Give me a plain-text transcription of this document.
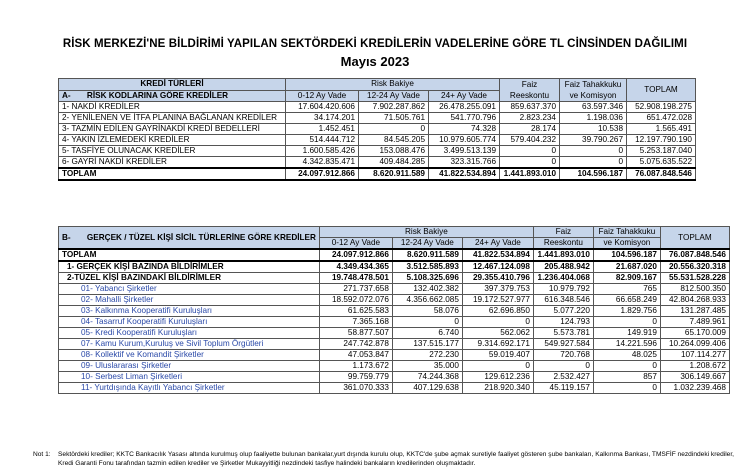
RİSK MERKEZİ'NE BİLDİRİMİ YAPILAN SEKTÖRDEKİ KREDİLERİN VADELERİNE GÖRE TL CİNSİNDEN DAĞILIMI
Mayıs 2023
KREDİ TÜRLERİ	Risk Bakiye			Faiz Reeskontu	Faiz Tahakkuku ve Komisyon	TOPLAM
A- RİSK KODLARINA GÖRE KREDİLER	0-12 Ay Vade	12-24 Ay Vade	24+ Ay Vade			
1- NAKDİ KREDİLER	17.604.420.606	7.902.287.862	26.478.255.091	859.637.370	63.597.346	52.908.198.275
2- YENİLENEN VE İTFA PLANINA BAĞLANAN KREDİLER	34.174.201	71.505.761	541.770.796	2.823.234	1.198.036	651.472.028
3- TAZMİN EDİLEN GAYRİNAKDİ KREDİ BEDELLERİ	1.452.451	0	74.328	28.174	10.538	1.565.491
4- YAKIN İZLEMEDEKİ KREDİLER	514.444.712	84.545.205	10.979.605.774	579.404.232	39.790.267	12.197.790.190
5- TASFİYE OLUNACAK KREDİLER	1.600.585.426	153.088.476	3.499.513.139	0	0	5.253.187.040
6- GAYRİ NAKDİ KREDİLER	4.342.835.471	409.484.285	323.315.766	0	0	5.075.635.522
TOPLAM	24.097.912.866	8.620.911.589	41.822.534.894	1.441.893.010	104.596.187	76.087.848.546
B- GERÇEK / TÜZEL KİŞİ SİCİL TÜRLERİNE GÖRE KREDİLER	Risk Bakiye			Faiz	Faiz Tahakkuku	TOPLAM
	0-12 Ay Vade	12-24 Ay Vade	24+ Ay Vade	Reeskontu	ve Komisyon	
TOPLAM	24.097.912.866	8.620.911.589	41.822.534.894	1.441.893.010	104.596.187	76.087.848.546
1- GERÇEK KİŞİ BAZINDA BİLDİRİMLER	4.349.434.365	3.512.585.893	12.467.124.098	205.488.942	21.687.020	20.556.320.318
2-TÜZEL KİŞİ BAZINDAKİ BİLDİRİMLER	19.748.478.501	5.108.325.696	29.355.410.796	1.236.404.068	82.909.167	55.531.528.228
01- Yabancı Şirketler	271.737.658	132.402.382	397.379.753	10.979.792	765	812.500.350
02- Mahalli Şirketler	18.592.072.076	4.356.662.085	19.172.527.977	616.348.546	66.658.249	42.804.268.933
03- Kalkınma Kooperatifi Kuruluşları	61.625.583	58.076	62.696.850	5.077.220	1.829.756	131.287.485
04- Tasarruf Kooperatifi Kuruluşları	7.365.168	0	0	124.793	0	7.489.961
05- Kredi Kooperatifi Kuruluşları	58.877.507	6.740	562.062	5.573.781	149.919	65.170.009
07- Kamu Kurum,Kuruluş ve Sivil Toplum Örgütleri	247.742.878	137.515.177	9.314.692.171	549.927.584	14.221.596	10.264.099.406
08- Kollektif ve Komandit Şirketler	47.053.847	272.230	59.019.407	720.768	48.025	107.114.277
09- Uluslararası Şirketler	1.173.672	35.000	0	0	0	1.208.672
10- Serbest Liman Şirketleri	99.759.779	74.244.368	129.612.236	2.532.427	857	306.149.667
11- Yurtdışında Kayıtlı Yabancı Şirketler	361.070.333	407.129.638	218.920.340	45.119.157	0	1.032.239.468
Not 1: Sektördeki krediler; KKTC Bankacılık Yasası altında kurulmuş olup faaliyette bulunan bankalar,yurt dışında kurulu olup, KKTC'de şube açmak suretiyle faaliyet gösteren şube bankaları, Kalkınma Bankası, TMSFİF nezdindeki krediler, Kredi Garanti Fonu tarafından tazmin edilen krediler ve Şirketler Mukayyitliği nezdindeki tasfiye halindeki bankaların kredilerinden oluşmaktadır.
